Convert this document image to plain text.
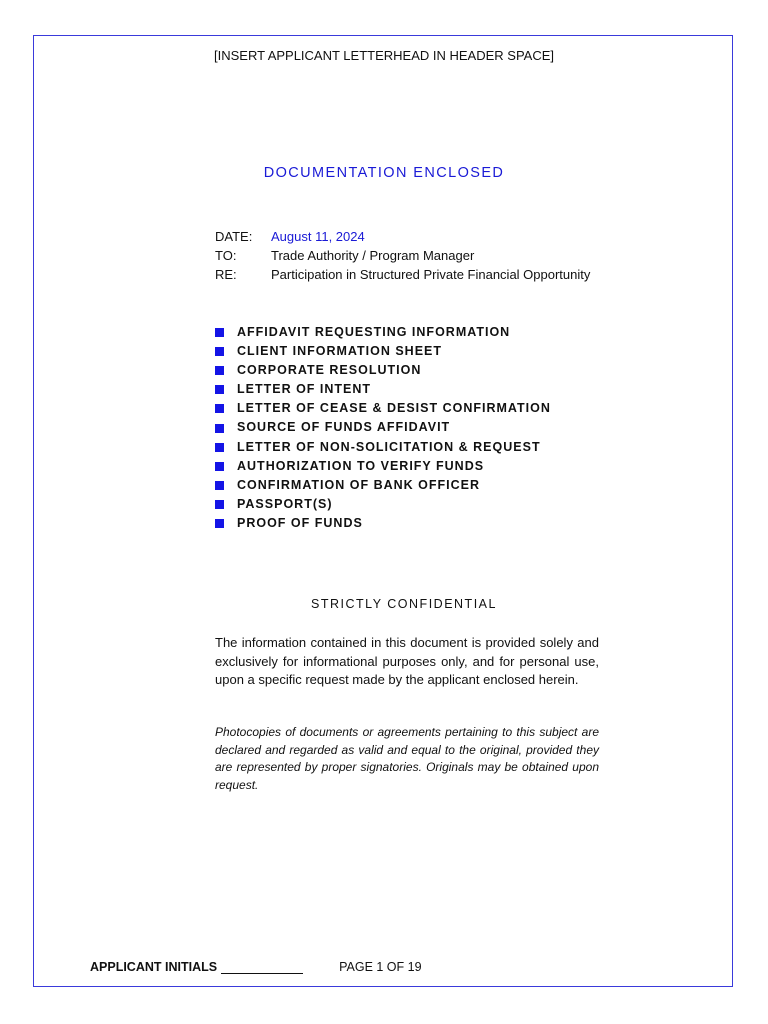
[INSERT APPLICANT LETTERHEAD IN HEADER SPACE]
DOCUMENTATION ENCLOSED
DATE:	August 11, 2024
TO:	Trade Authority / Program Manager
RE:	Participation in Structured Private Financial Opportunity
AFFIDAVIT REQUESTING INFORMATION
CLIENT INFORMATION SHEET
CORPORATE RESOLUTION
LETTER OF INTENT
LETTER OF CEASE & DESIST CONFIRMATION
SOURCE OF FUNDS AFFIDAVIT
LETTER OF NON-SOLICITATION & REQUEST
AUTHORIZATION TO VERIFY FUNDS
CONFIRMATION OF BANK OFFICER
PASSPORT(S)
PROOF OF FUNDS
STRICTLY CONFIDENTIAL

The information contained in this document is provided solely and exclusively for informational purposes only, and for personal use, upon a specific request made by the applicant enclosed herein.

Photocopies of documents or agreements pertaining to this subject are declared and regarded as valid and equal to the original, provided they are represented by proper signatories. Originals may be obtained upon request.

APPLICANT INITIALS	PAGE 1 OF 19
